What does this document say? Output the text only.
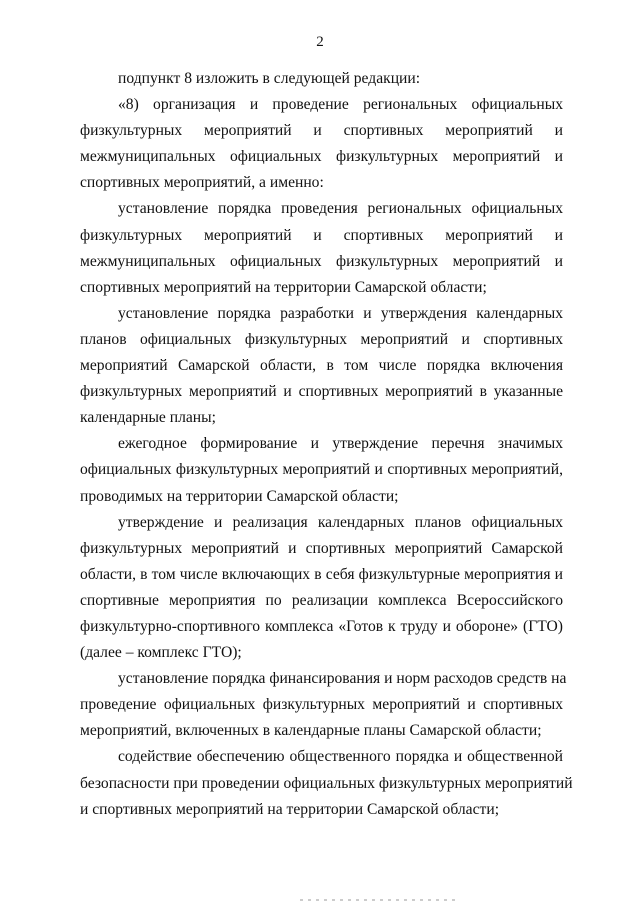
2

подпункт 8 изложить в следующей редакции:

«8) организация и проведение региональных официальных
физкультурных мероприятий и спортивных мероприятий и
межмуниципальных официальных физкультурных мероприятий и
спортивных мероприятий, а именно:

установление порядка проведения региональных официальных
физкультурных мероприятий и спортивных мероприятий и
межмуниципальных официальных физкультурных мероприятий и
спортивных мероприятий на территории Самарской области;

установление порядка разработки и утверждения календарных
планов официальных физкультурных мероприятий и спортивных
мероприятий Самарской области, в том числе порядка включения
физкультурных мероприятий и спортивных мероприятий в указанные
календарные планы;

ежегодное формирование и утверждение перечня значимых
официальных физкультурных мероприятий и спортивных мероприятий,
проводимых на территории Самарской области;

утверждение и реализация календарных планов официальных
физкультурных мероприятий и спортивных мероприятий Самарской
области, в том числе включающих в себя физкультурные мероприятия и
спортивные мероприятия по реализации комплекса Всероссийского
физкультурно-спортивного комплекса «Готов к труду и обороне» (ГТО)
(далее – комплекс ГТО);

установление порядка финансирования и норм расходов средств на
проведение официальных физкультурных мероприятий и спортивных
мероприятий, включенных в календарные планы Самарской области;

содействие обеспечению общественного порядка и общественной
безопасности при проведении официальных физкультурных мероприятий
и спортивных мероприятий на территории Самарской области;
